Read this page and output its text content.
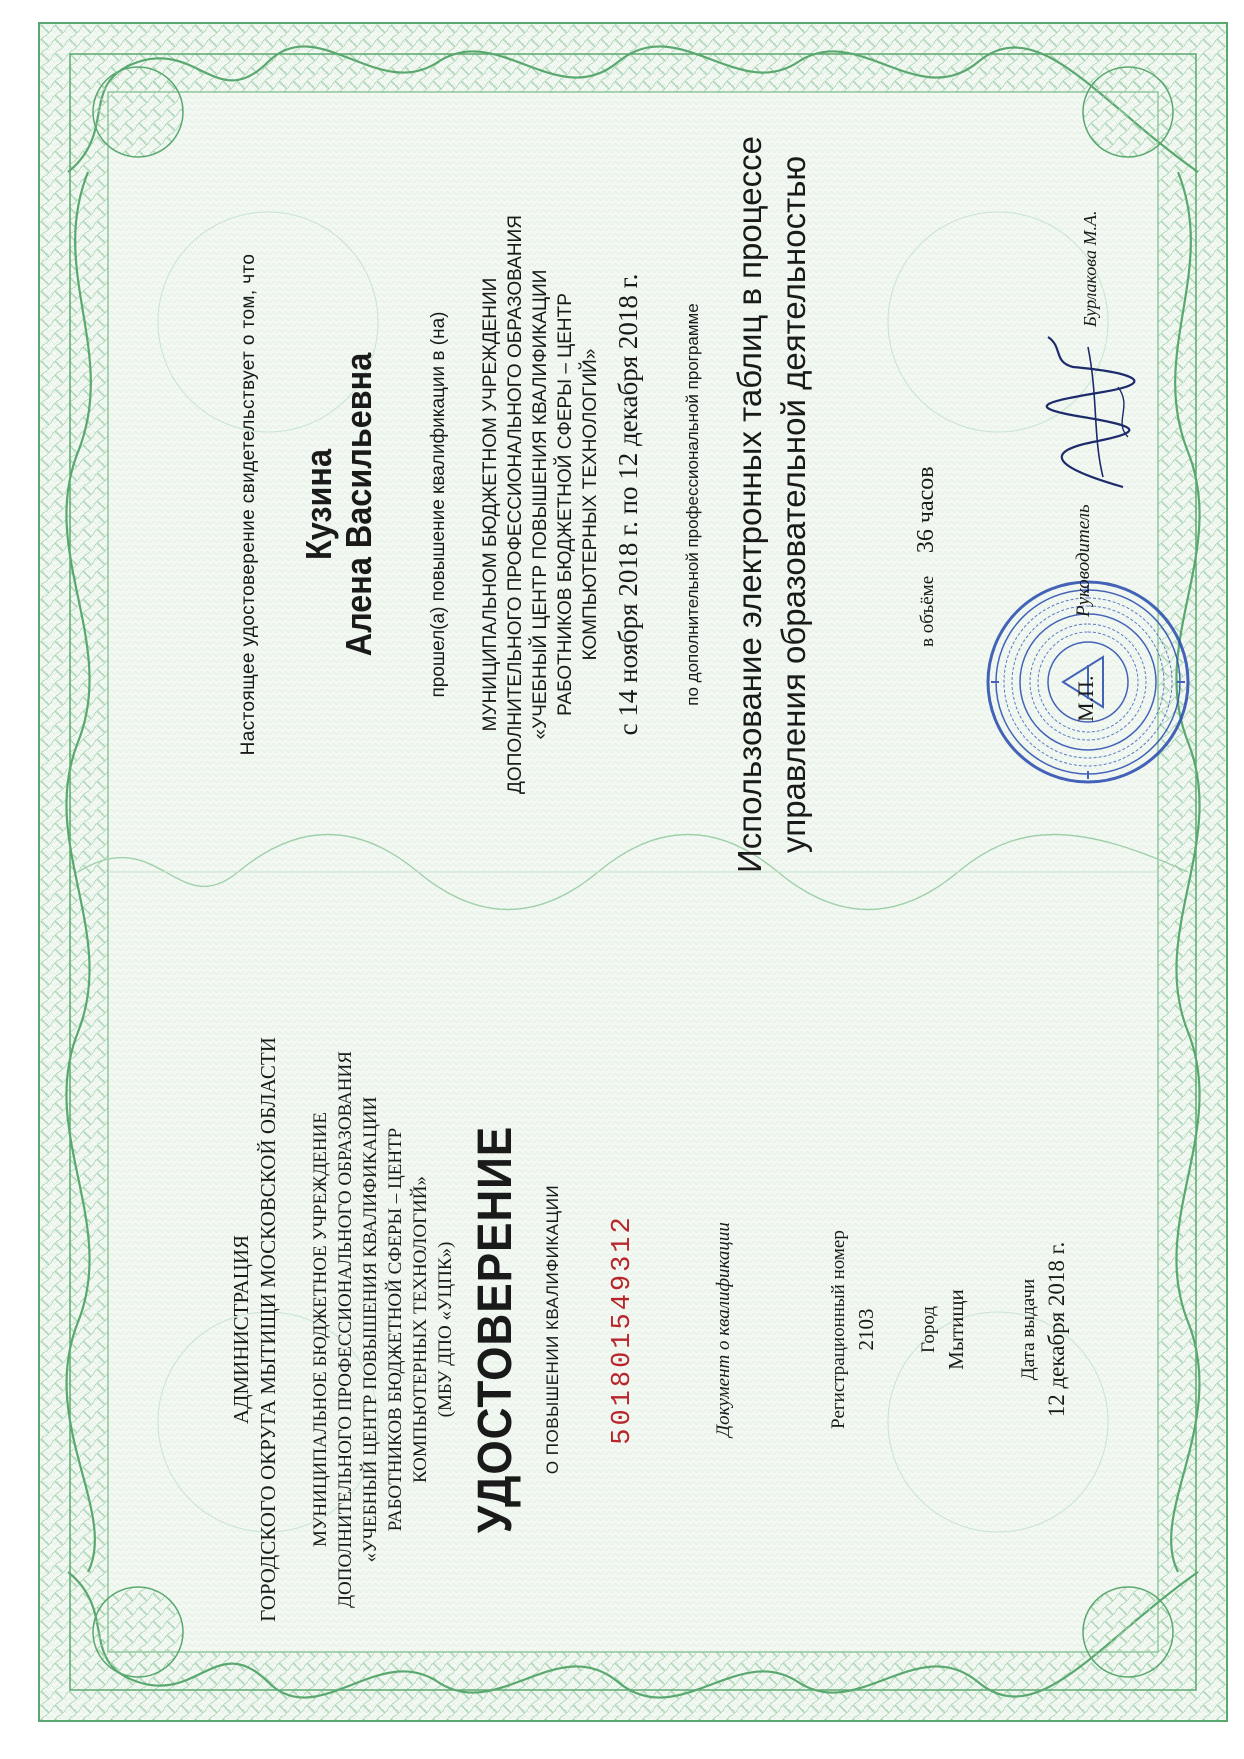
АДМИНИСТРАЦИЯ ГОРОДСКОГО ОКРУГА МЫТИЩИ МОСКОВСКОЙ ОБЛАСТИ МУНИЦИПАЛЬНОЕ БЮДЖЕТНОЕ УЧРЕЖДЕНИЕ ДОПОЛНИТЕЛЬНОГО ПРОФЕССИОНАЛЬНОГО ОБРАЗОВАНИЯ «УЧЕБНЫЙ ЦЕНТР ПОВЫШЕНИЯ КВАЛИФИКАЦИИ РАБОТНИКОВ БЮДЖЕТНОЙ СФЕРЫ – ЦЕНТР КОМПЬЮТЕРНЫХ ТЕХНОЛОГИЙ» (МБУ ДПО «УЦПК») УДОСТОВЕРЕНИЕ О ПОВЫШЕНИИ КВАЛИФИКАЦИИ 501801549312	Документ о квалификации	Регистрационный номер 2103 Город Мытищи	Дата выдачи 12 декабря 2018 г.
Настоящее удостоверение свидетельствует о том, что Кузина Алена Васильевна	прошел(а) повышение квалификации в (на) МУНИЦИПАЛЬНОМ БЮДЖЕТНОМ УЧРЕЖДЕНИИ ДОПОЛНИТЕЛЬНОГО ПРОФЕССИОНАЛЬНОГО ОБРАЗОВАНИЯ «УЧЕБНЫЙ ЦЕНТР ПОВЫШЕНИЯ КВАЛИФИКАЦИИ РАБОТНИКОВ БЮДЖЕТНОЙ СФЕРЫ – ЦЕНТР КОМПЬЮТЕРНЫХ ТЕХНОЛОГИЙ» с 14 ноября 2018 г. по 12 декабря 2018 г. по дополнительной профессиональной программе Использование электронных таблиц в процессе управления образовательной деятельностью	в объёме 36 часов
М.П.
Руководитель
Бурлакова М.А.
